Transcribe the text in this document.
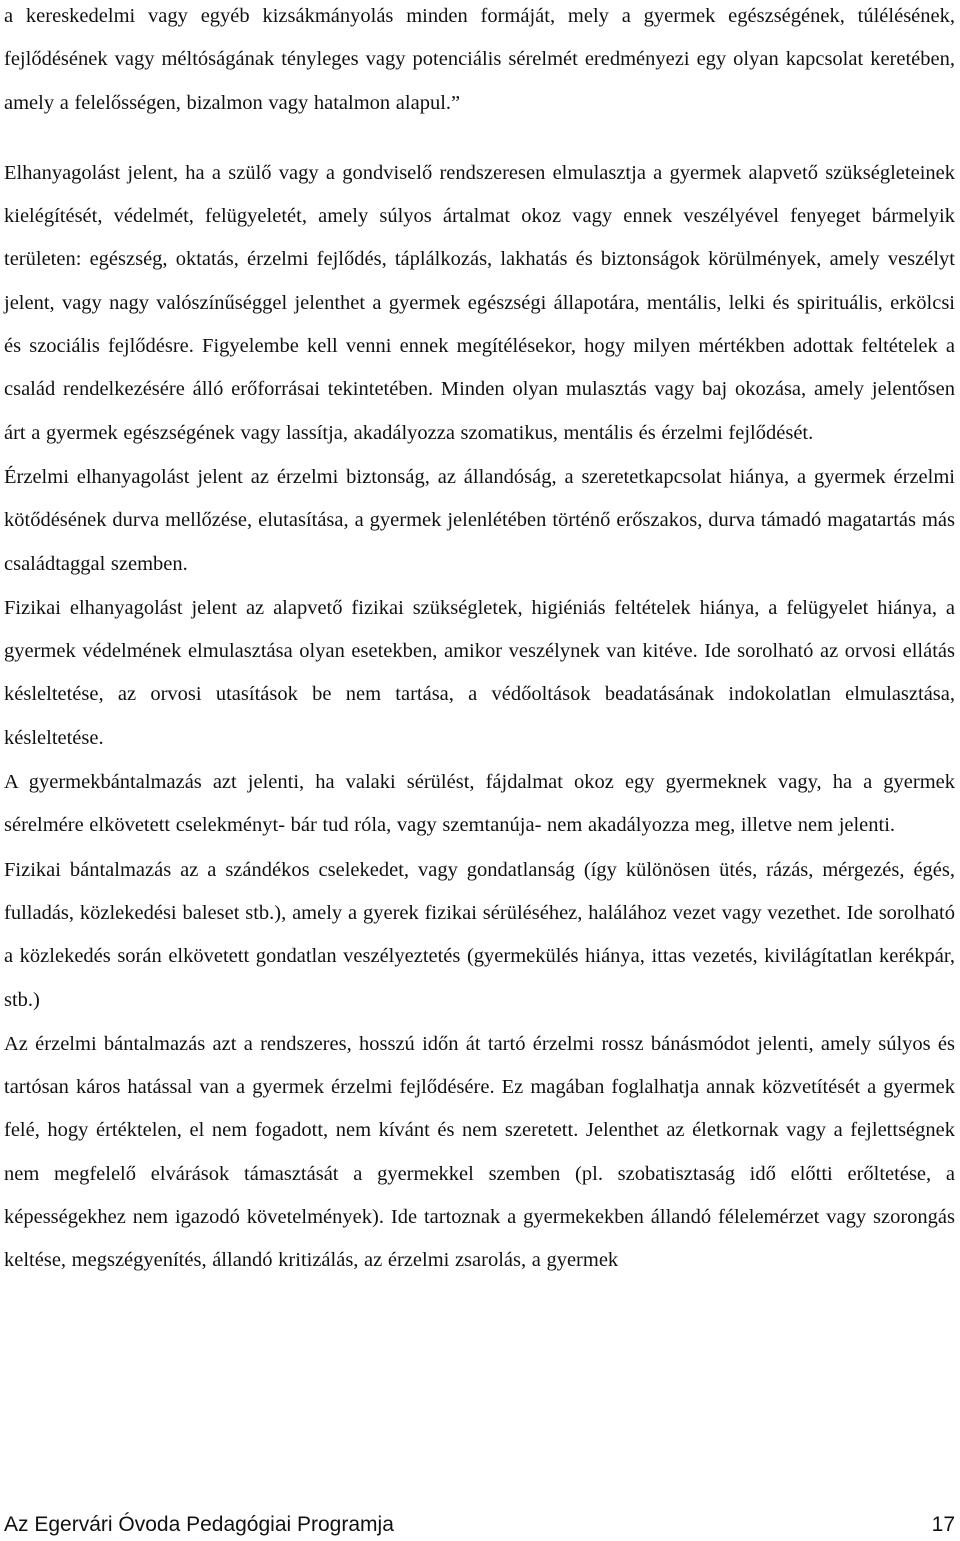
a kereskedelmi vagy egyéb kizsákmányolás minden formáját, mely a gyermek egészségének, túlélésének, fejlődésének vagy méltóságának tényleges vagy potenciális sérelmét eredményezi egy olyan kapcsolat keretében, amely a felelősségen, bizalmon vagy hatalmon alapul.”

Elhanyagolást jelent, ha a szülő vagy a gondviselő rendszeresen elmulasztja a gyermek alapvető szükségleteinek kielégítését, védelmét, felügyeletét, amely súlyos ártalmat okoz vagy ennek veszélyével fenyeget bármelyik területen: egészség, oktatás, érzelmi fejlődés, táplálkozás, lakhatás és biztonságok körülmények, amely veszélyt jelent, vagy nagy valószínűséggel jelenthet a gyermek egészségi állapotára, mentális, lelki és spirituális, erkölcsi és szociális fejlődésre. Figyelembe kell venni ennek megítélésekor, hogy milyen mértékben adottak feltételek a család rendelkezésére álló erőforrásai tekintetében. Minden olyan mulasztás vagy baj okozása, amely jelentősen árt a gyermek egészségének vagy lassítja, akadályozza szomatikus, mentális és érzelmi fejlődését.

Érzelmi elhanyagolást jelent az érzelmi biztonság, az állandóság, a szeretetkapcsolat hiánya, a gyermek érzelmi kötődésének durva mellőzése, elutasítása, a gyermek jelenlétében történő erőszakos, durva támadó magatartás más családtaggal szemben.

Fizikai elhanyagolást jelent az alapvető fizikai szükségletek, higiéniás feltételek hiánya, a felügyelet hiánya, a gyermek védelmének elmulasztása olyan esetekben, amikor veszélynek van kitéve. Ide sorolható az orvosi ellátás késleltetése, az orvosi utasítások be nem tartása, a védőoltások beadatásának indokolatlan elmulasztása, késleltetése.

A gyermekbántalmazás azt jelenti, ha valaki sérülést, fájdalmat okoz egy gyermeknek vagy, ha a gyermek sérelmére elkövetett cselekményt- bár tud róla, vagy szemtanúja- nem akadályozza meg, illetve nem jelenti.

Fizikai bántalmazás az a szándékos cselekedet, vagy gondatlanság (így különösen ütés, rázás, mérgezés, égés, fulladás, közlekedési baleset stb.), amely a gyerek fizikai sérüléséhez, halálához vezet vagy vezethet. Ide sorolható a közlekedés során elkövetett gondatlan veszélyeztetés (gyermekülés hiánya, ittas vezetés, kivilágítatlan kerékpár, stb.)

Az érzelmi bántalmazás azt a rendszeres, hosszú időn át tartó érzelmi rossz bánásmódot jelenti, amely súlyos és tartósan káros hatással van a gyermek érzelmi fejlődésére. Ez magában foglalhatja annak közvetítését a gyermek felé, hogy értéktelen, el nem fogadott, nem kívánt és nem szeretett. Jelenthet az életkornak vagy a fejlettségnek nem megfelelő elvárások támasztását a gyermekkel szemben (pl. szobatisztaság idő előtti erőltetése, a képességekhez nem igazodó követelmények). Ide tartoznak a gyermekekben állandó félelemérzet vagy szorongás keltése, megszégyenítés, állandó kritizálás, az érzelmi zsarolás, a gyermek

Az Egervári Óvoda Pedagógiai Programja	17
